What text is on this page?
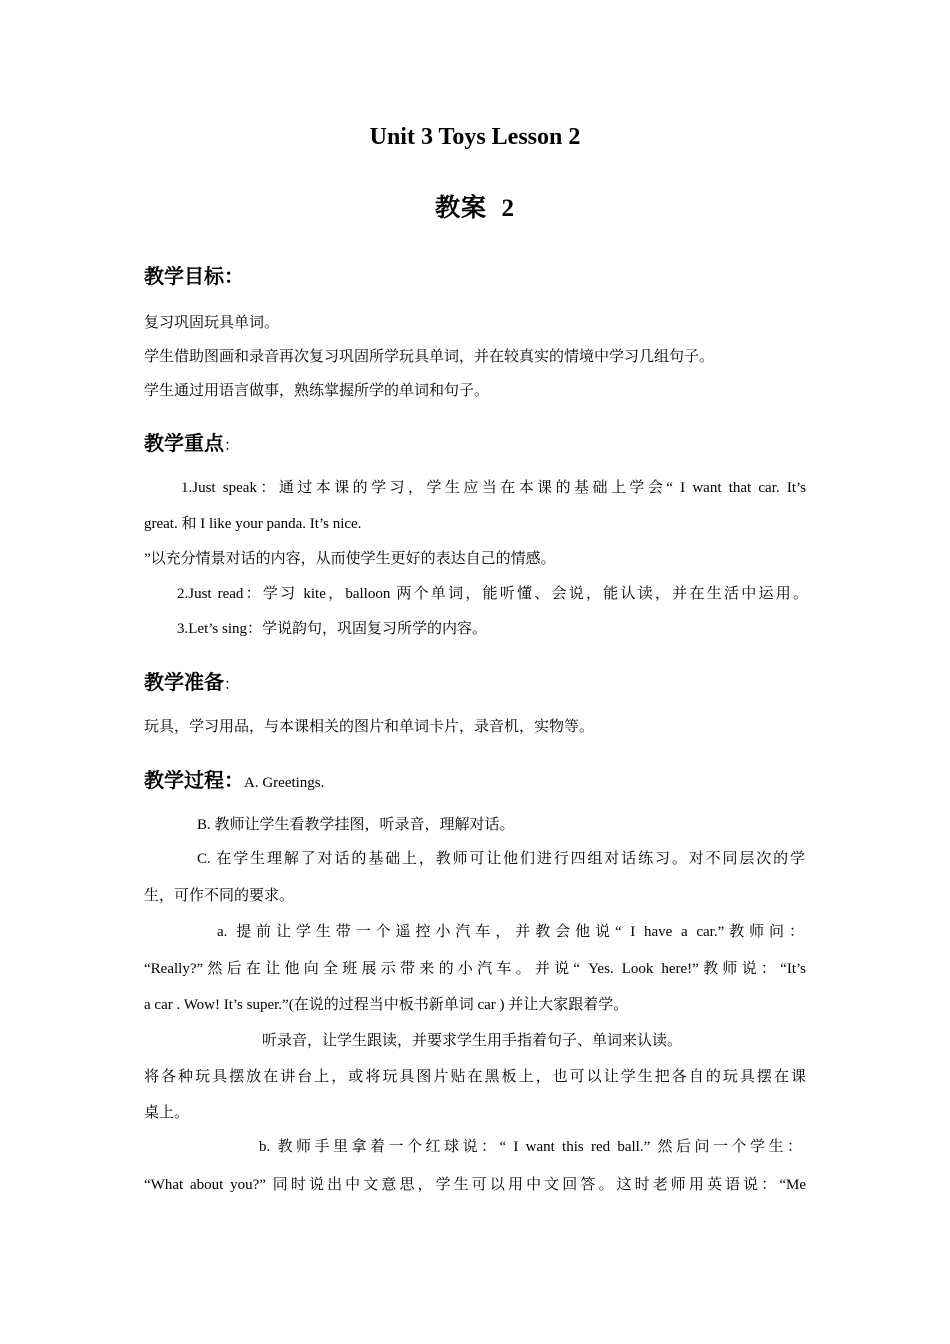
Unit 3 Toys Lesson 2
教案  2
教学目标：
复习巩固玩具单词。
学生借助图画和录音再次复习巩固所学玩具单词，并在较真实的情境中学习几组句子。
学生通过用语言做事，熟练掌握所学的单词和句子。
教学重点：
1.Just speak：通过本课的学习，学生应当在本课的基础上学会“ I want that car. It’s
great. 和 I like your panda. It’s nice.
”以充分情景对话的内容，从而使学生更好的表达自己的情感。
2.Just read：学习 kite，balloon 两个单词，能听懂、会说，能认读，并在生活中运用。
3.Let’s sing：学说韵句，巩固复习所学的内容。
教学准备：
玩具，学习用品，与本课相关的图片和单词卡片，录音机，实物等。
教学过程：A. Greetings.
B. 教师让学生看教学挂图，听录音，理解对话。
C. 在学生理解了对话的基础上，教师可让他们进行四组对话练习。对不同层次的学
生，可作不同的要求。
a. 提前让学生带一个遥控小汽车，并教会他说“ I have a car.”教师问：
“Really?”然后在让他向全班展示带来的小汽车。并说“ Yes. Look here!”教师说：“It’s
a car . Wow! It’s super.”(在说的过程当中板书新单词 car ) 并让大家跟着学。
听录音，让学生跟读，并要求学生用手指着句子、单词来认读。
将各种玩具摆放在讲台上，或将玩具图片贴在黑板上，也可以让学生把各自的玩具摆在课
桌上。
b. 教师手里拿着一个红球说：“ I want this red ball.” 然后问一个学生：
“What about you?” 同时说出中文意思，学生可以用中文回答。这时老师用英语说：“Me
